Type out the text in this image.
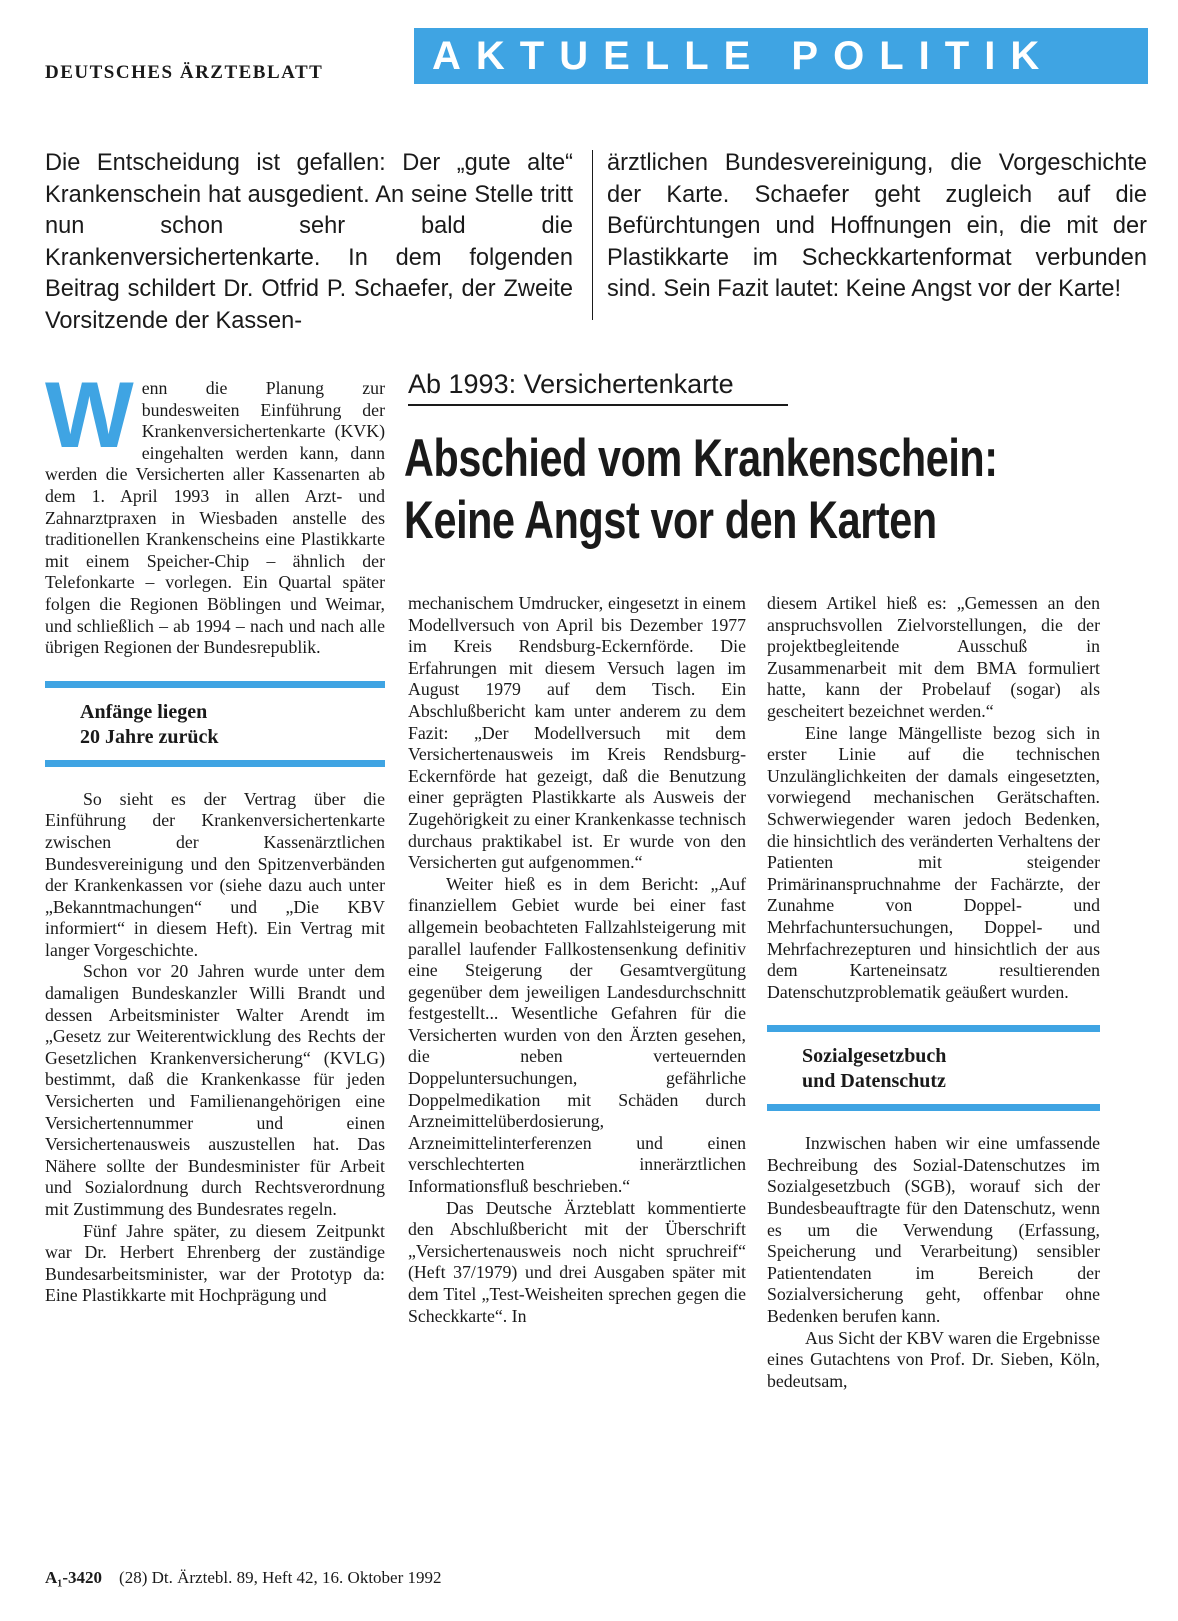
DEUTSCHES ÄRZTEBLATT	AKTUELLE POLITIK
Die Entscheidung ist gefallen: Der „gute alte“ Krankenschein hat ausgedient. An seine Stelle tritt nun schon sehr bald die Krankenversichertenkarte. In dem folgenden Beitrag schildert Dr. Otfrid P. Schaefer, der Zweite Vorsitzende der Kassen-
ärztlichen Bundesvereinigung, die Vorgeschichte der Karte. Schaefer geht zugleich auf die Befürchtungen und Hoffnungen ein, die mit der Plastikkarte im Scheckkartenformat verbunden sind. Sein Fazit lautet: Keine Angst vor der Karte!
Ab 1993: Versichertenkarte
Abschied vom Krankenschein:
Keine Angst vor den Karten

Wenn die Planung zur bundesweiten Einführung der Krankenversichertenkarte (KVK) eingehalten werden kann, dann werden die Versicherten aller Kassenarten ab dem 1. April 1993 in allen Arzt- und Zahnarztpraxen in Wiesbaden anstelle des traditionellen Krankenscheins eine Plastikkarte mit einem Speicher-Chip – ähnlich der Telefonkarte – vorlegen. Ein Quartal später folgen die Regionen Böblingen und Weimar, und schließlich – ab 1994 – nach und nach alle übrigen Regionen der Bundesrepublik.

Anfänge liegen
20 Jahre zurück

So sieht es der Vertrag über die Einführung der Krankenversichertenkarte zwischen der Kassenärztlichen Bundesvereinigung und den Spitzenverbänden der Krankenkassen vor (siehe dazu auch unter „Bekanntmachungen“ und „Die KBV informiert“ in diesem Heft). Ein Vertrag mit langer Vorgeschichte.

Schon vor 20 Jahren wurde unter dem damaligen Bundeskanzler Willi Brandt und dessen Arbeitsminister Walter Arendt im „Gesetz zur Weiterentwicklung des Rechts der Gesetzlichen Krankenversicherung“ (KVLG) bestimmt, daß die Krankenkasse für jeden Versicherten und Familienangehörigen eine Versichertennummer und einen Versichertenausweis auszustellen hat. Das Nähere sollte der Bundesminister für Arbeit und Sozialordnung durch Rechtsverordnung mit Zustimmung des Bundesrates regeln.

Fünf Jahre später, zu diesem Zeitpunkt war Dr. Herbert Ehrenberg der zuständige Bundesarbeitsminister, war der Prototyp da: Eine Plastikkarte mit Hochprägung und

mechanischem Umdrucker, eingesetzt in einem Modellversuch von April bis Dezember 1977 im Kreis Rendsburg-Eckernförde. Die Erfahrungen mit diesem Versuch lagen im August 1979 auf dem Tisch. Ein Abschlußbericht kam unter anderem zu dem Fazit: „Der Modellversuch mit dem Versichertenausweis im Kreis Rendsburg-Eckernförde hat gezeigt, daß die Benutzung einer geprägten Plastikkarte als Ausweis der Zugehörigkeit zu einer Krankenkasse technisch durchaus praktikabel ist. Er wurde von den Versicherten gut aufgenommen.“

Weiter hieß es in dem Bericht: „Auf finanziellem Gebiet wurde bei einer fast allgemein beobachteten Fallzahlsteigerung mit parallel laufender Fallkostensenkung definitiv eine Steigerung der Gesamtvergütung gegenüber dem jeweiligen Landesdurchschnitt festgestellt... Wesentliche Gefahren für die Versicherten wurden von den Ärzten gesehen, die neben verteuernden Doppeluntersuchungen, gefährliche Doppelmedikation mit Schäden durch Arzneimittelüberdosierung, Arzneimittelinterferenzen und einen verschlechterten innerärztlichen Informationsfluß beschrieben.“

Das Deutsche Ärzteblatt kommentierte den Abschlußbericht mit der Überschrift „Versichertenausweis noch nicht spruchreif“ (Heft 37/1979) und drei Ausgaben später mit dem Titel „Test-Weisheiten sprechen gegen die Scheckkarte“. In

diesem Artikel hieß es: „Gemessen an den anspruchsvollen Zielvorstellungen, die der projektbegleitende Ausschuß in Zusammenarbeit mit dem BMA formuliert hatte, kann der Probelauf (sogar) als gescheitert bezeichnet werden.“

Eine lange Mängelliste bezog sich in erster Linie auf die technischen Unzulänglichkeiten der damals eingesetzten, vorwiegend mechanischen Gerätschaften. Schwerwiegender waren jedoch Bedenken, die hinsichtlich des veränderten Verhaltens der Patienten mit steigender Primärinanspruchnahme der Fachärzte, der Zunahme von Doppel- und Mehrfachuntersuchungen, Doppel- und Mehrfachrezepturen und hinsichtlich der aus dem Karteneinsatz resultierenden Datenschutzproblematik geäußert wurden.

Sozialgesetzbuch
und Datenschutz

Inzwischen haben wir eine umfassende Bechreibung des Sozial-Datenschutzes im Sozialgesetzbuch (SGB), worauf sich der Bundesbeauftragte für den Datenschutz, wenn es um die Verwendung (Erfassung, Speicherung und Verarbeitung) sensibler Patientendaten im Bereich der Sozialversicherung geht, offenbar ohne Bedenken berufen kann.

Aus Sicht der KBV waren die Ergebnisse eines Gutachtens von Prof. Dr. Sieben, Köln, bedeutsam,

A₁-3420 (28) Dt. Ärztebl. 89, Heft 42, 16. Oktober 1992
